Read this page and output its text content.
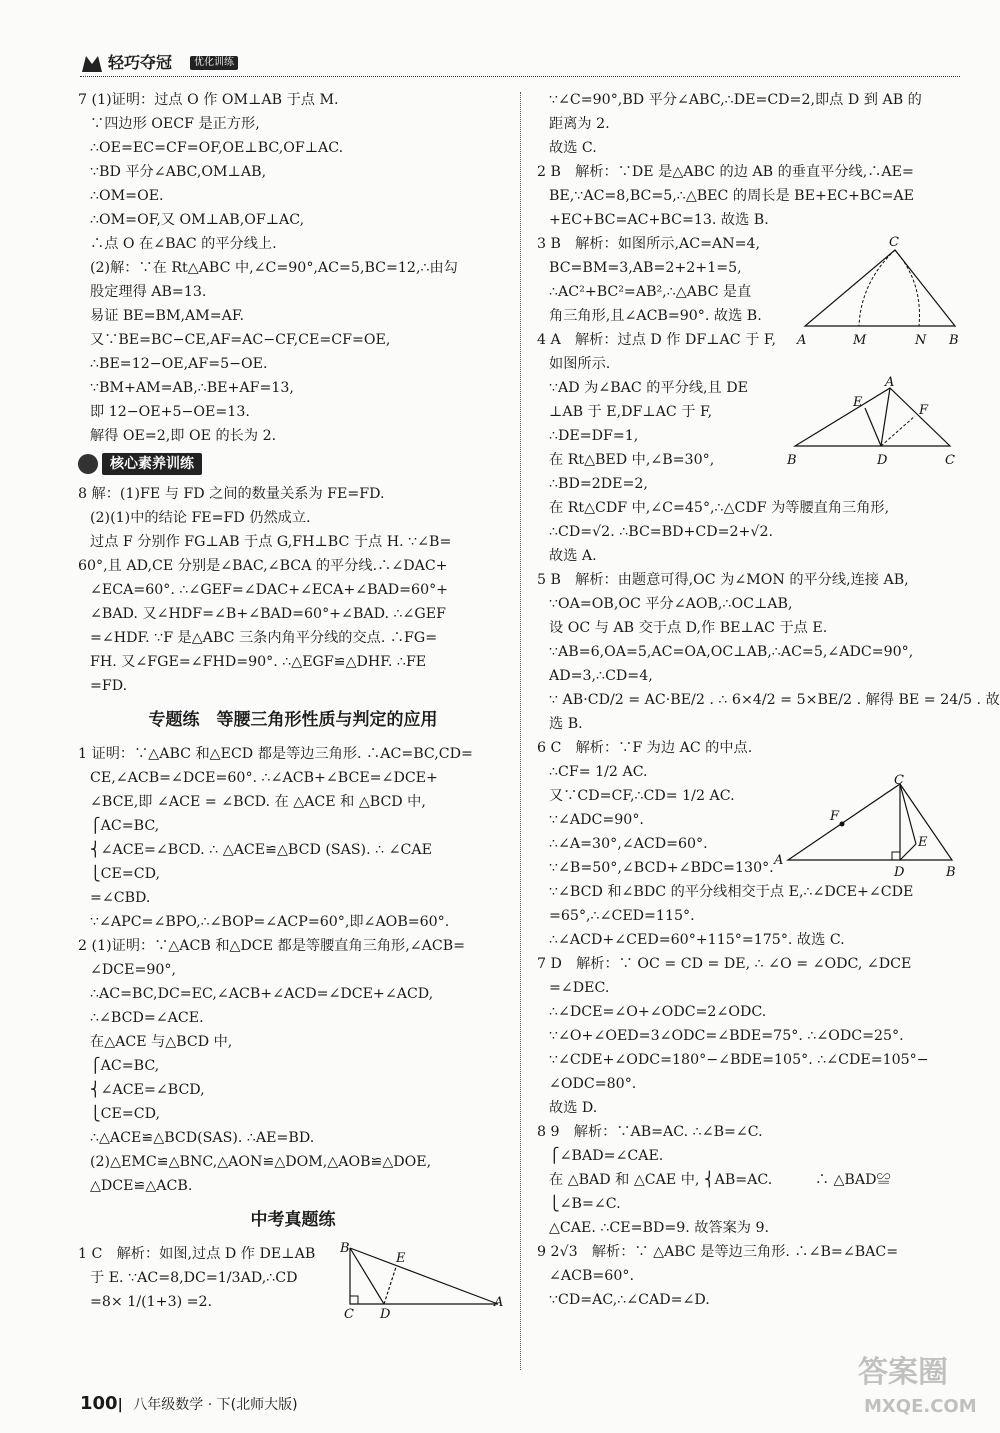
轻巧夺冠	优化训练
7 (1)证明：过点 O 作 OM⊥AB 于点 M.
∵四边形 OECF 是正方形,
∴OE=EC=CF=OF,OE⊥BC,OF⊥AC.
∵BD 平分∠ABC,OM⊥AB,
∴OM=OE.
∴OM=OF,又 OM⊥AB,OF⊥AC,
∴点 O 在∠BAC 的平分线上.
(2)解：∵在 Rt△ABC 中,∠C=90°,AC=5,BC=12,∴由勾
股定理得 AB=13.
易证 BE=BM,AM=AF.
又∵BE=BC−CE,AF=AC−CF,CE=CF=OE,
∴BE=12−OE,AF=5−OE.
∵BM+AM=AB,∴BE+AF=13,
即 12−OE+5−OE=13.
解得 OE=2,即 OE 的长为 2.
核心素养训练
8 解：(1)FE 与 FD 之间的数量关系为 FE=FD.
(2)(1)中的结论 FE=FD 仍然成立.
过点 F 分别作 FG⊥AB 于点 G,FH⊥BC 于点 H. ∵∠B=
60°,且 AD,CE 分别是∠BAC,∠BCA 的平分线.∴∠DAC+
∠ECA=60°. ∴∠GEF=∠DAC+∠ECA+∠BAD=60°+
∠BAD. 又∠HDF=∠B+∠BAD=60°+∠BAD. ∴∠GEF
=∠HDF. ∵F 是△ABC 三条内角平分线的交点. ∴FG=
FH. 又∠FGE=∠FHD=90°. ∴△EGF≌△DHF. ∴FE
=FD.
专题练　等腰三角形性质与判定的应用
1 证明：∵△ABC 和△ECD 都是等边三角形. ∴AC=BC,CD=
CE,∠ACB=∠DCE=60°. ∴∠ACB+∠BCE=∠DCE+
∠BCE,即 ∠ACE = ∠BCD. 在 △ACE 和 △BCD 中,
⎧AC=BC,
⎨∠ACE=∠BCD. ∴ △ACE≌△BCD (SAS). ∴ ∠CAE
⎩CE=CD,
=∠CBD.
∵∠APC=∠BPO,∴∠BOP=∠ACP=60°,即∠AOB=60°.
2 (1)证明：∵△ACB 和△DCE 都是等腰直角三角形,∠ACB=
∠DCE=90°,
∴AC=BC,DC=EC,∠ACB+∠ACD=∠DCE+∠ACD,
∴∠BCD=∠ACE.
在△ACE 与△BCD 中,
⎧AC=BC,
⎨∠ACE=∠BCD,
⎩CE=CD,
∴△ACE≌△BCD(SAS). ∴AE=BD.
(2)△EMC≌△BNC,△AON≌△DOM,△AOB≌△DOE,
△DCE≌△ACB.
中考真题练
1 C　解析：如图,过点 D 作 DE⊥AB
于 E. ∵AC=8,DC=1/3AD,∴CD
=8× 1/(1+3) =2.
∵∠C=90°,BD 平分∠ABC,∴DE=CD=2,即点 D 到 AB 的
距离为 2.
故选 C.
2 B　解析：∵DE 是△ABC 的边 AB 的垂直平分线,∴AE=
BE,∵AC=8,BC=5,∴△BEC 的周长是 BE+EC+BC=AE
+EC+BC=AC+BC=13. 故选 B.
3 B　解析：如图所示,AC=AN=4,
BC=BM=3,AB=2+2+1=5,
∴AC²+BC²=AB²,∴△ABC 是直
角三角形,且∠ACB=90°. 故选 B.
4 A　解析：过点 D 作 DF⊥AC 于 F,
如图所示.
∵AD 为∠BAC 的平分线,且 DE
⊥AB 于 E,DF⊥AC 于 F,
∴DE=DF=1,
在 Rt△BED 中,∠B=30°,
∴BD=2DE=2,
在 Rt△CDF 中,∠C=45°,∴△CDF 为等腰直角三角形,
∴CD=√2. ∴BC=BD+CD=2+√2.
故选 A.
5 B　解析：由题意可得,OC 为∠MON 的平分线,连接 AB,
∵OA=OB,OC 平分∠AOB,∴OC⊥AB,
设 OC 与 AB 交于点 D,作 BE⊥AC 于点 E.
∵AB=6,OA=5,AC=OA,OC⊥AB,∴AC=5,∠ADC=90°,
AD=3,∴CD=4,
∵ AB·CD/2 = AC·BE/2 . ∴ 6×4/2 = 5×BE/2 . 解得 BE = 24/5 . 故
选 B.
6 C　解析：∵F 为边 AC 的中点.
∴CF= 1/2 AC.
又∵CD=CF,∴CD= 1/2 AC.
∵∠ADC=90°.
∴∠A=30°,∠ACD=60°.
∵∠B=50°,∠BCD+∠BDC=130°.
∵∠BCD 和∠BDC 的平分线相交于点 E,∴∠DCE+∠CDE
=65°,∴∠CED=115°.
∴∠ACD+∠CED=60°+115°=175°. 故选 C.
7 D　解析：∵ OC = CD = DE, ∴ ∠O = ∠ODC, ∠DCE
=∠DEC.
∴∠DCE=∠O+∠ODC=2∠ODC.
∵∠O+∠OED=3∠ODC=∠BDE=75°. ∴∠ODC=25°.
∵∠CDE+∠ODC=180°−∠BDE=105°. ∴∠CDE=105°−
∠ODC=80°.
故选 D.
8 9　解析：∵AB=AC. ∴∠B=∠C.
⎧∠BAD=∠CAE.
在 △BAD 和 △CAE 中, ⎨AB=AC.　　　∴ △BAD≌
⎩∠B=∠C.
△CAE. ∴CE=BD=9. 故答案为 9.
9 2√3　解析：∵ △ABC 是等边三角形. ∴∠B=∠BAC=
∠ACB=60°.
∵CD=AC,∴∠CAD=∠D.
B
E
C D
A
C
A	M	N B
A
E
F
B	D	C
C
F
E
A
D	B
100| 八年级数学 · 下(北师大版)
答案圈
MXQE.COM
